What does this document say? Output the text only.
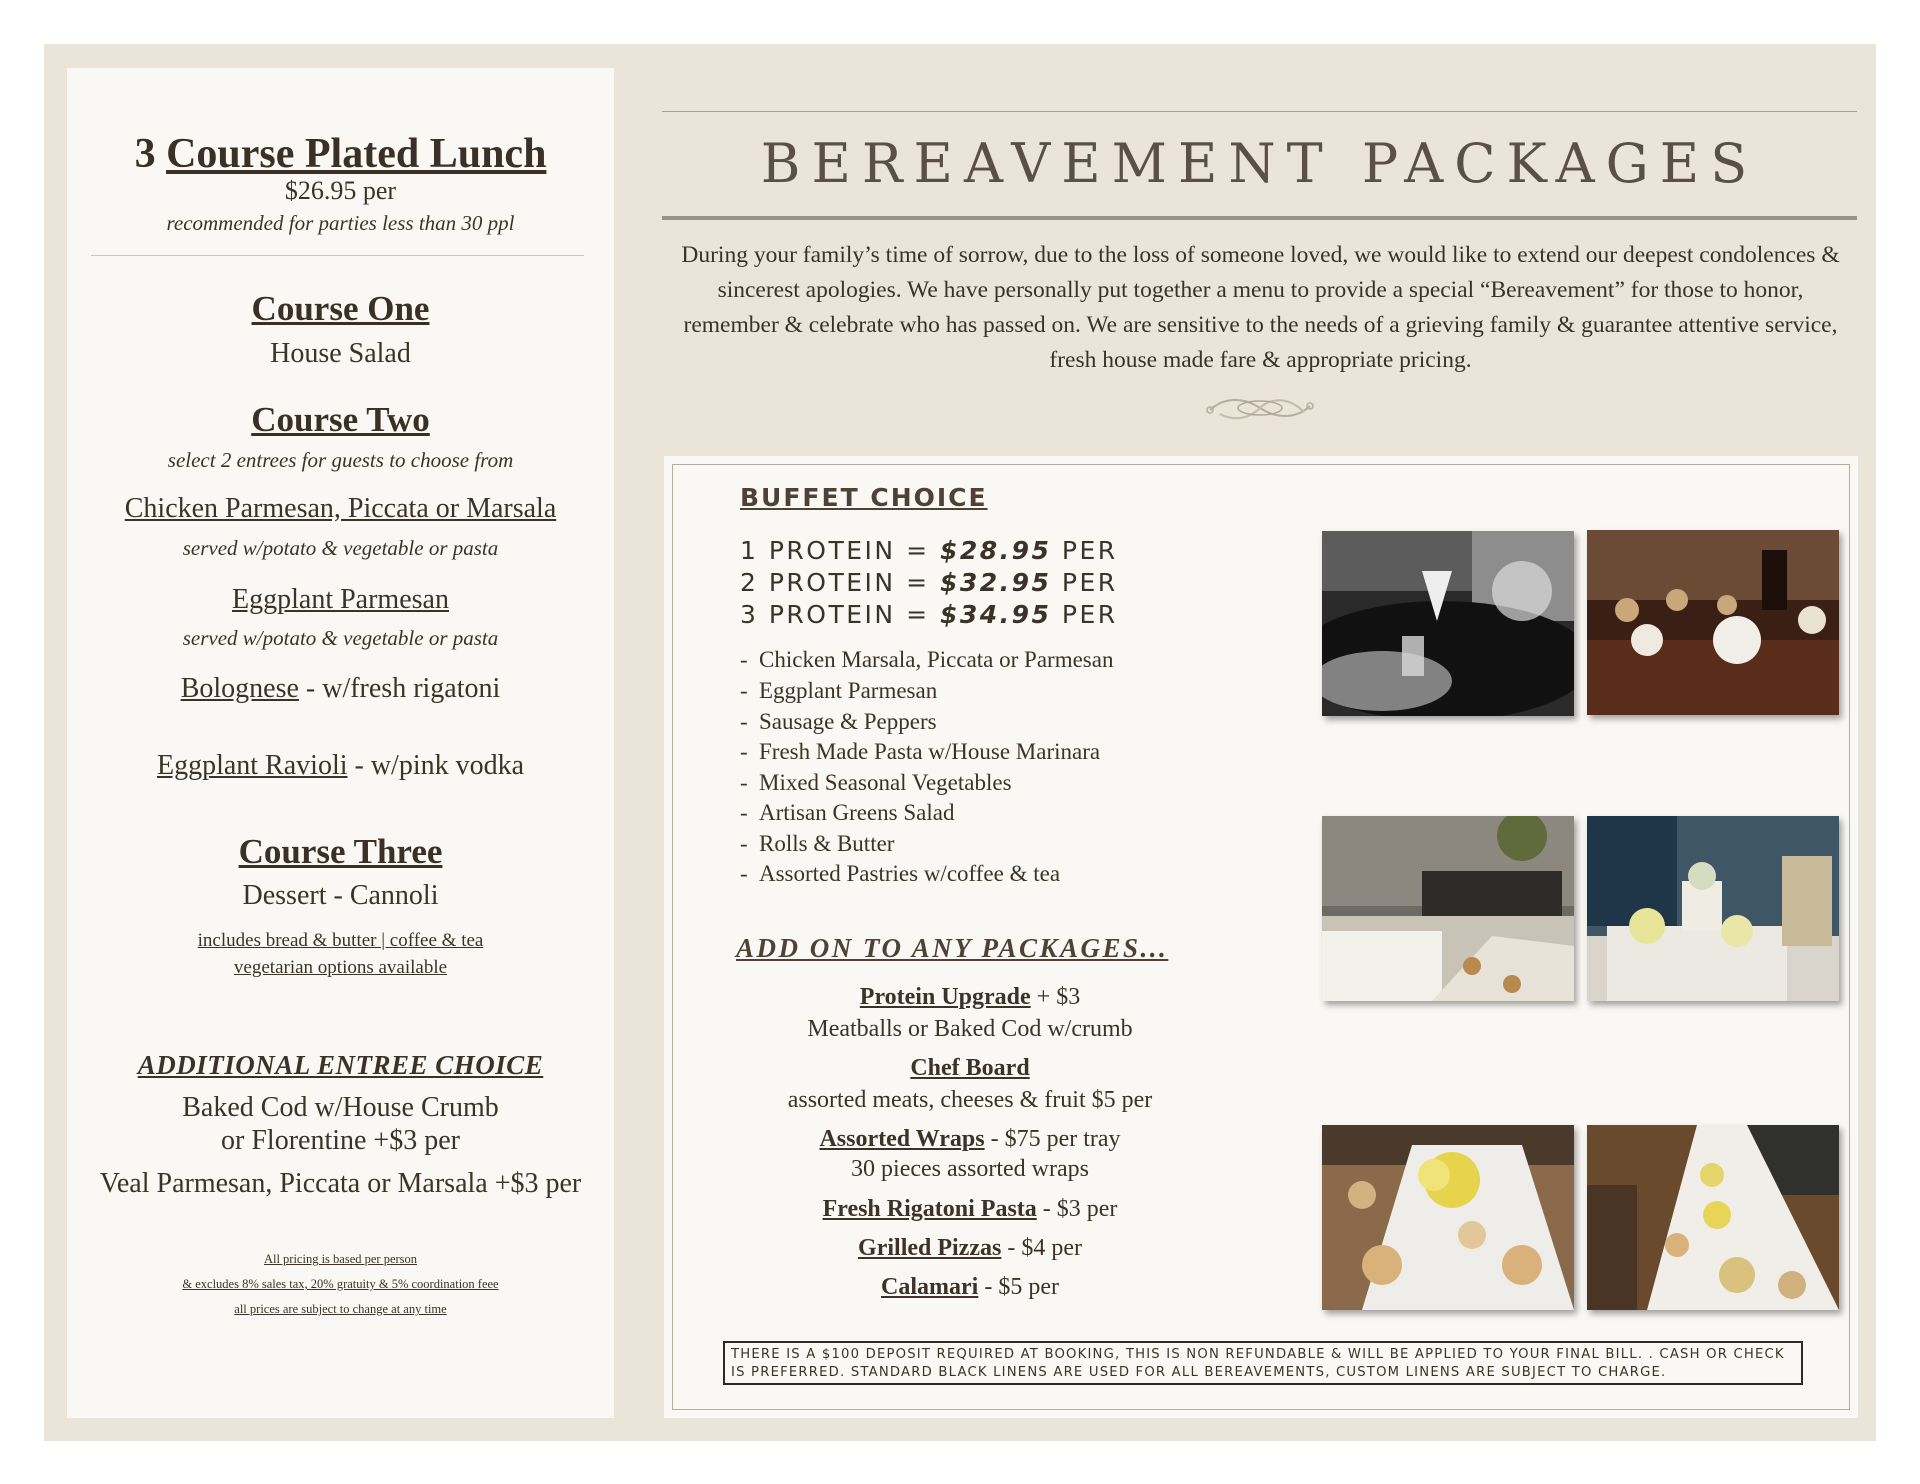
3 Course Plated Lunch
$26.95 per
recommended for parties less than 30 ppl
Course One
House Salad
Course Two
select 2 entrees for guests to choose from
Chicken Parmesan, Piccata or Marsala
served w/potato & vegetable or pasta
Eggplant Parmesan
served w/potato & vegetable or pasta
Bolognese - w/fresh rigatoni
Eggplant Ravioli - w/pink vodka
Course Three
Dessert - Cannoli
includes bread & butter | coffee & tea
vegetarian options available
ADDITIONAL ENTREE CHOICE
Baked Cod w/House Crumb
or Florentine +$3 per
Veal Parmesan, Piccata or Marsala +$3 per
All pricing is based per person
& excludes 8% sales tax, 20% gratuity & 5% coordination feee
all prices are subject to change at any time
BEREAVEMENT PACKAGES
During your family’s time of sorrow, due to the loss of someone loved, we would like to extend our deepest condolences & sincerest apologies. We have personally put together a menu to provide a special “Bereavement” for those to honor, remember & celebrate who has passed on. We are sensitive to the needs of a grieving family & guarantee attentive service, fresh house made fare & appropriate pricing.
BUFFET CHOICE
1 PROTEIN = $28.95 PER
2 PROTEIN = $32.95 PER
3 PROTEIN = $34.95 PER
- Chicken Marsala, Piccata or Parmesan
- Eggplant Parmesan
- Sausage & Peppers
- Fresh Made Pasta w/House Marinara
- Mixed Seasonal Vegetables
- Artisan Greens Salad
- Rolls & Butter
- Assorted Pastries w/coffee & tea
ADD ON TO ANY PACKAGES...
Protein Upgrade + $3
Meatballs or Baked Cod w/crumb
Chef Board
assorted meats, cheeses & fruit $5 per
Assorted Wraps - $75 per tray
30 pieces assorted wraps
Fresh Rigatoni Pasta - $3 per
Grilled Pizzas - $4 per
Calamari - $5 per
THERE IS A $100 DEPOSIT REQUIRED AT BOOKING, THIS IS NON REFUNDABLE & WILL BE APPLIED TO YOUR FINAL BILL. . CASH OR CHECK IS PREFERRED. STANDARD BLACK LINENS ARE USED FOR ALL BEREAVEMENTS, CUSTOM LINENS ARE SUBJECT TO CHARGE.
